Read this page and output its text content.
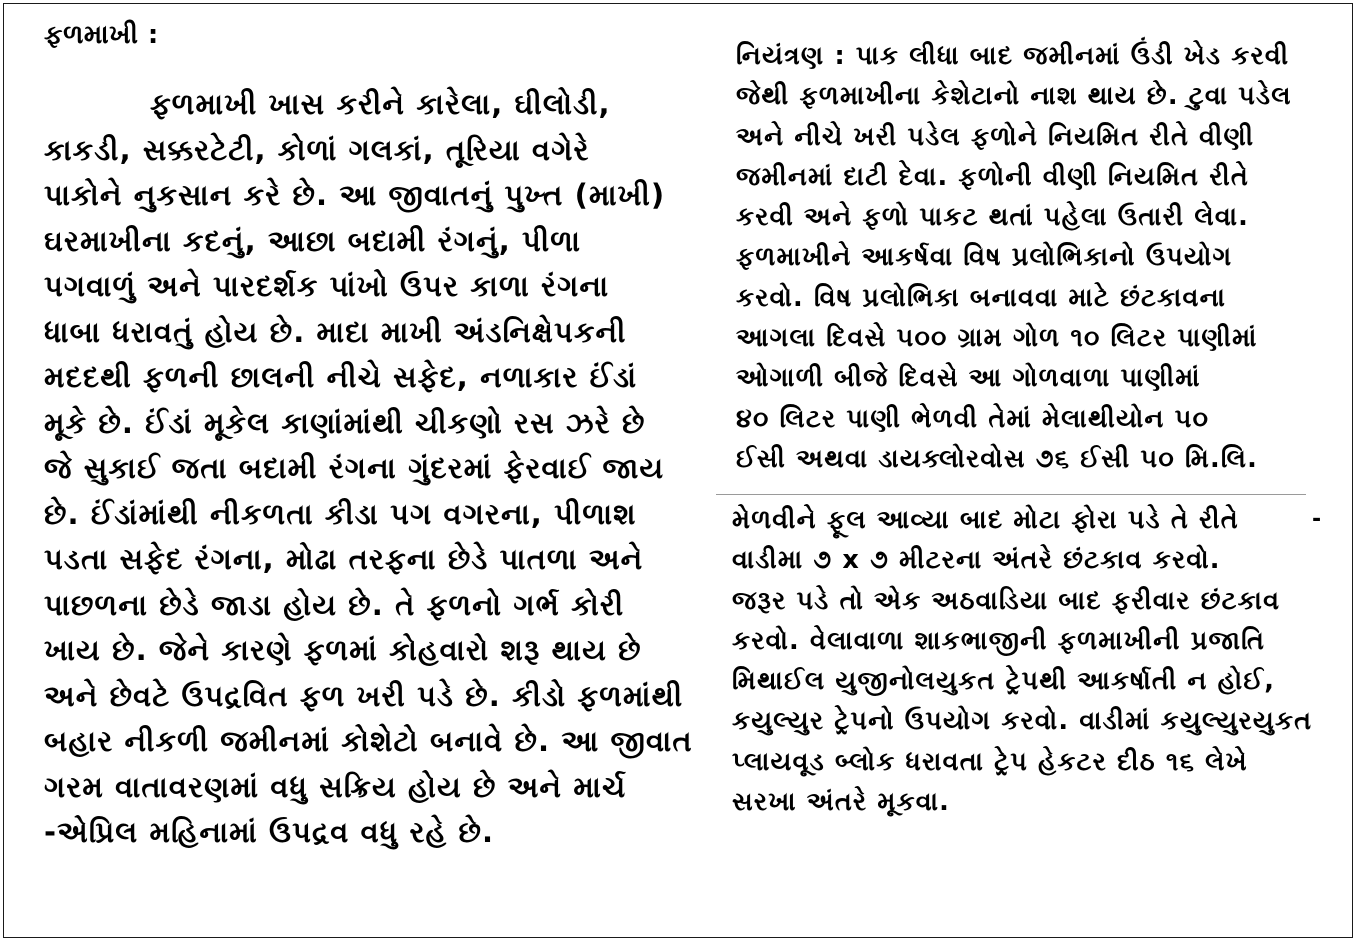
ફળમાખી :
ફળમાખી ખાસ કરીને કારેલા, ઘીલોડી,
કાકડી, સક્કરટેટી, કોળાં ગલકાં, તૂરિયા વગેરે
પાકોને નુકસાન કરે છે. આ જીવાતનું પુખ્ત (માખી)
ઘરમાખીના કદનું, આછા બદામી રંગનું, પીળા
પગવાળું અને પારદર્શક પાંખો ઉપર કાળા રંગના
ધાબા ધરાવતું હોય છે. માદા માખી અંડનિક્ષેપકની
મદદથી ફળની છાલની નીચે સફેદ, નળાકાર ઈંડાં
મૂકે છે. ઈંડાં મૂકેલ કાણાંમાંથી ચીકણો રસ ઝરે છે
જે સુકાઈ જતા બદામી રંગના ગુંદરમાં ફેરવાઈ જાય
છે. ઈંડાંમાંથી નીકળતા કીડા પગ વગરના, પીળાશ
પડતા સફેદ રંગના, મોઢા તરફના છેડે પાતળા અને
પાછળના છેડે જાડા હોય છે. તે ફળનો ગર્ભ કોરી
ખાય છે. જેને કારણે ફળમાં કોહવારો શરૂ થાય છે
અને છેવટે ઉપદ્રવિત ફળ ખરી પડે છે. કીડો ફળમાંથી
બહાર નીકળી જમીનમાં કોશેટો બનાવે છે. આ જીવાત
ગરમ વાતાવરણમાં વધુ સક્રિય હોય છે અને માર્ચ
-એપ્રિલ મહિનામાં ઉપદ્રવ વધુ રહે છે.
નિયંત્રણ : પાક લીધા બાદ જમીનમાં ઉંડી ખેડ કરવી
જેથી ફળમાખીના કેશેટાનો નાશ થાય છે. ટુવા પડેલ
અને નીચે ખરી પડેલ ફળોને નિયમિત રીતે વીણી
જમીનમાં દાટી દેવા. ફળોની વીણી નિયમિત રીતે
કરવી અને ફળો પાકટ થતાં પહેલા ઉતારી લેવા.
ફળમાખીને આકર્ષવા વિષ પ્રલોભિકાનો ઉપયોગ
કરવો. વિષ પ્રલોભિકા બનાવવા માટે છંટકાવના
આગલા દિવસે ૫૦૦ ગ્રામ ગોળ ૧૦ લિટર પાણીમાં
ઓગાળી બીજે દિવસે આ ગોળવાળા પાણીમાં
૪૦ લિટર પાણી ભેળવી તેમાં મેલાથીયોન ૫૦
ઈસી અથવા ડાયક્લોરવોસ ૭૬ ઈસી ૫૦ મિ.લિ.
-
મેળવીને ફૂલ આવ્યા બાદ મોટા ફોરા પડે તે રીતે
વાડીમા ૭ x ૭ મીટરના અંતરે છંટકાવ કરવો.
જરૂર પડે તો એક અઠવાડિયા બાદ ફરીવાર છંટકાવ
કરવો. વેલાવાળા શાકભાજીની ફળમાખીની પ્રજાતિ
મિથાઈલ યુજીનોલયુકત ટ્રેપથી આકર્ષાતી ન હોઈ,
કયુલ્યુર ટ્રેપનો ઉપયોગ કરવો. વાડીમાં કયુલ્યુરયુકત
પ્લાયવૂડ બ્લોક ધરાવતા ટ્રેપ હેકટર દીઠ ૧૬ લેખે
સરખા અંતરે મૂકવા.
